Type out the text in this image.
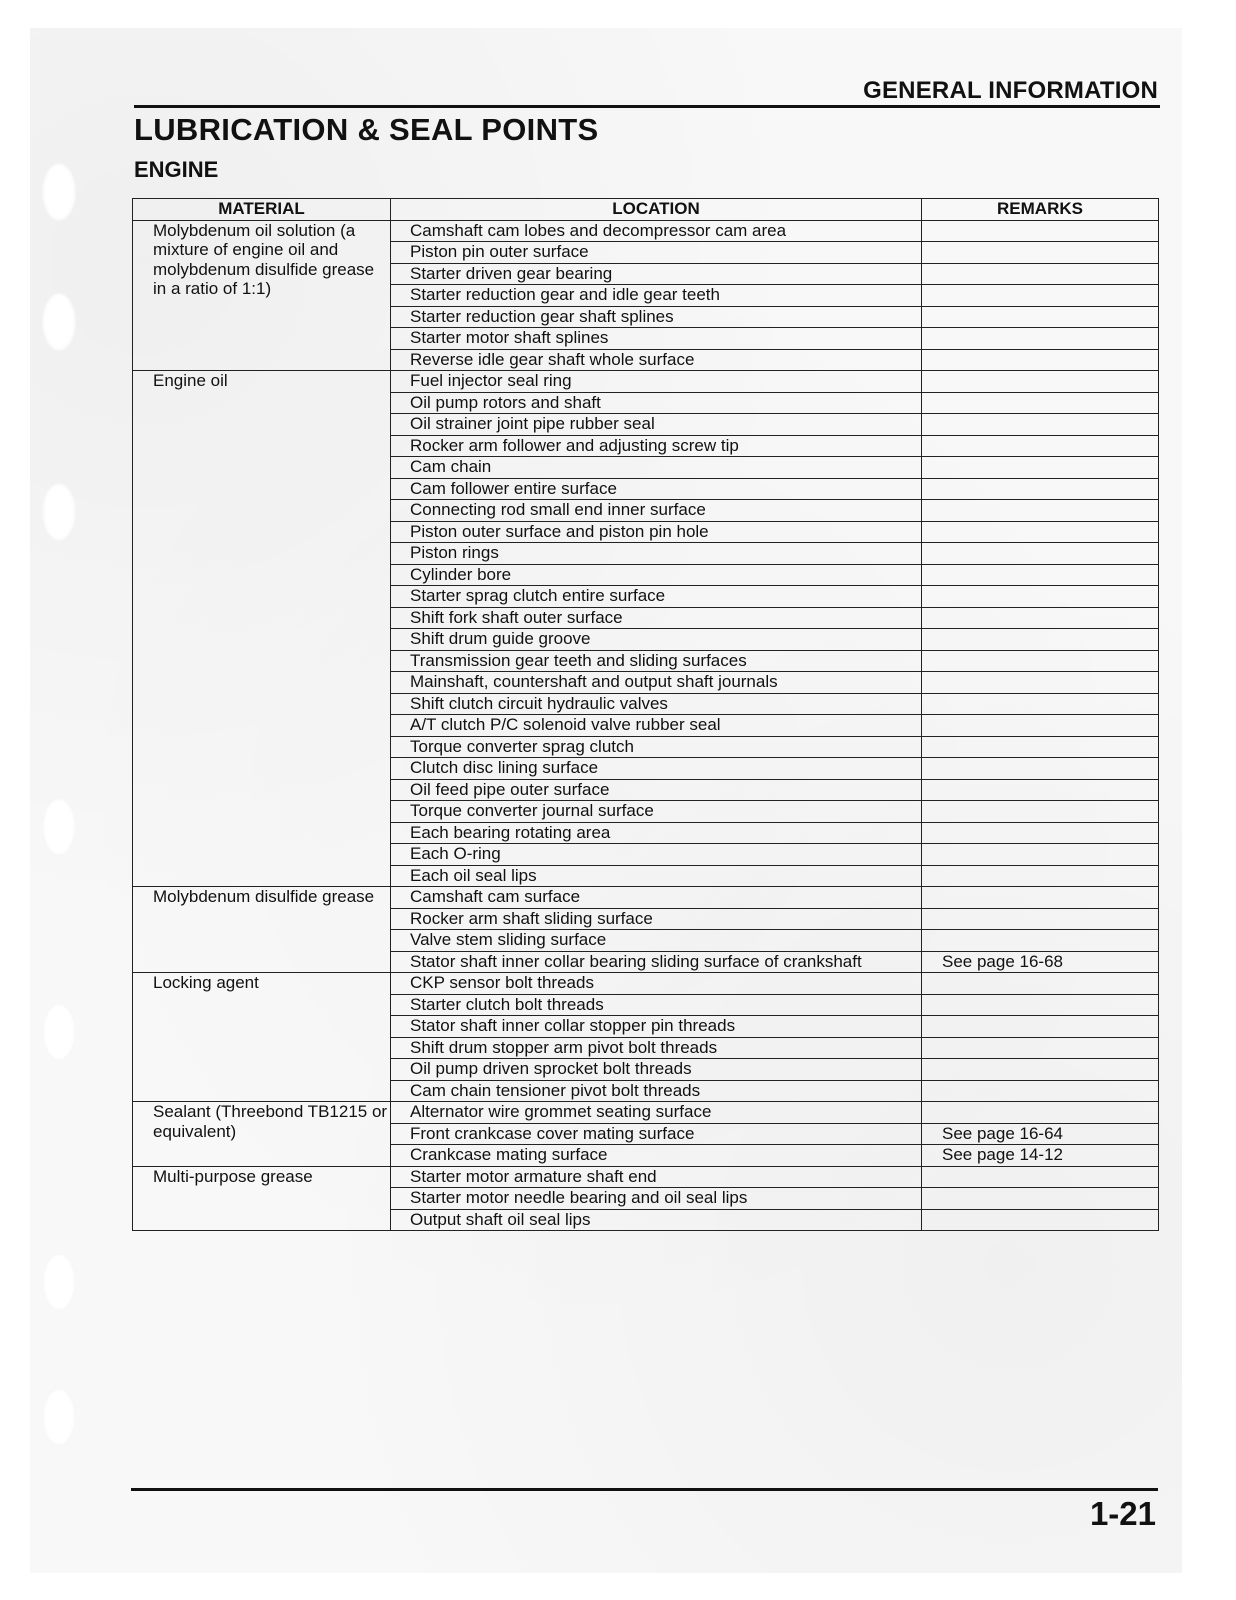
GENERAL INFORMATION
LUBRICATION & SEAL POINTS
ENGINE
MATERIAL	LOCATION	REMARKS
Molybdenum oil solution (a mixture of engine oil and molybdenum disulfide grease in a ratio of 1:1)	Camshaft cam lobes and decompressor cam area	
	Piston pin outer surface	
	Starter driven gear bearing	
	Starter reduction gear and idle gear teeth	
	Starter reduction gear shaft splines	
	Starter motor shaft splines	
	Reverse idle gear shaft whole surface	
Engine oil	Fuel injector seal ring	
	Oil pump rotors and shaft	
	Oil strainer joint pipe rubber seal	
	Rocker arm follower and adjusting screw tip	
	Cam chain	
	Cam follower entire surface	
	Connecting rod small end inner surface	
	Piston outer surface and piston pin hole	
	Piston rings	
	Cylinder bore	
	Starter sprag clutch entire surface	
	Shift fork shaft outer surface	
	Shift drum guide groove	
	Transmission gear teeth and sliding surfaces	
	Mainshaft, countershaft and output shaft journals	
	Shift clutch circuit hydraulic valves	
	A/T clutch P/C solenoid valve rubber seal	
	Torque converter sprag clutch	
	Clutch disc lining surface	
	Oil feed pipe outer surface	
	Torque converter journal surface	
	Each bearing rotating area	
	Each O-ring	
	Each oil seal lips	
Molybdenum disulfide grease	Camshaft cam surface	
	Rocker arm shaft sliding surface	
	Valve stem sliding surface	
	Stator shaft inner collar bearing sliding surface of crankshaft	See page 16-68
Locking agent	CKP sensor bolt threads	
	Starter clutch bolt threads	
	Stator shaft inner collar stopper pin threads	
	Shift drum stopper arm pivot bolt threads	
	Oil pump driven sprocket bolt threads	
	Cam chain tensioner pivot bolt threads	
Sealant (Threebond TB1215 or equivalent)	Alternator wire grommet seating surface	
	Front crankcase cover mating surface	See page 16-64
	Crankcase mating surface	See page 14-12
Multi-purpose grease	Starter motor armature shaft end	
	Starter motor needle bearing and oil seal lips	
	Output shaft oil seal lips	
1-21
